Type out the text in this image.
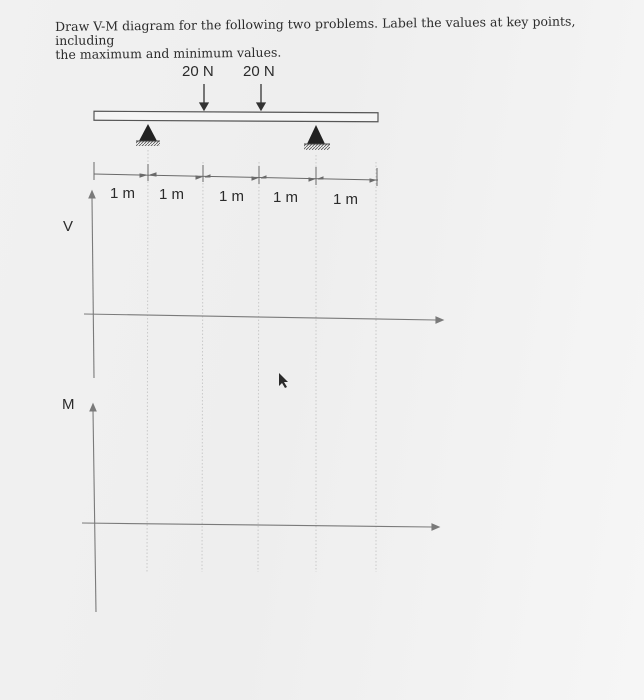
Draw V-M diagram for the following two problems. Label the values at key points, including
the maximum and minimum values.
20 N 20 N
1 m 1 m 1 m 1 m 1 m
V
M
